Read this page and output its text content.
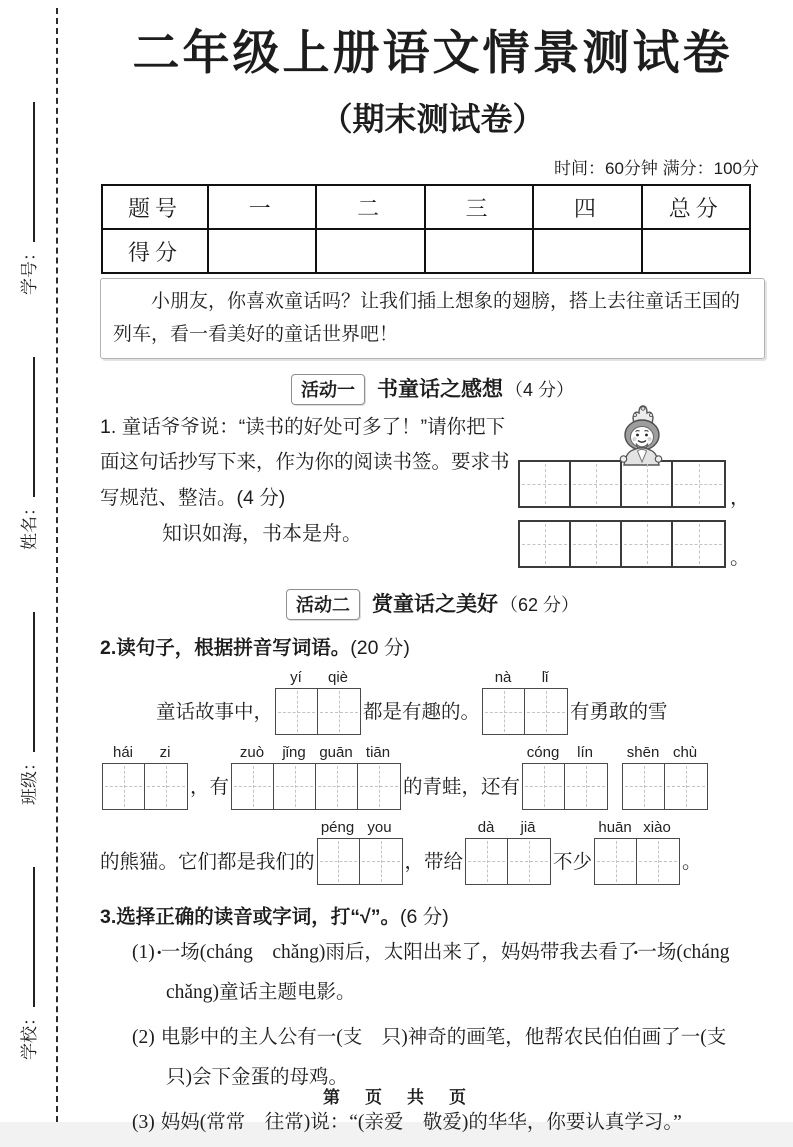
学校：
班级：
姓名：
学号：
二年级上册语文情景测试卷
（期末测试卷）
时间：60分钟 满分：100分
题号	一	二	三	四	总分
得分					

小朋友，你喜欢童话吗？让我们插上想象的翅膀，搭上去往童话王国的列车，看一看美好的童话世界吧！

活动一 书童话之感想 （4 分）

1. 童话爷爷说：“读书的好处可多了！”请你把下面这句话抄写下来，作为你的阅读书签。要求书写规范、整洁。(4 分)

知识如海，书本是舟。

，
。
活动二 赏童话之美好 （62 分）
2.读句子，根据拼音写词语。(20 分)
童话故事中，
yí	qiè
都是有趣的。
nà	lǐ
有勇敢的雪
hái	zi
，有
zuò	jǐng guān tiān
的青蛙，还有
cóng	lín	shēn chù
的熊猫。它们都是我们的
péng you
，带给
dà	jiā
不少
huān xiào
。
3.选择正确的读音或字词，打“√”。(6 分)
(1) 一场 ·(cháng　chǎng)雨后，太阳出来了，妈妈带我去看了一场 ·(cháng　chǎng)童话主题电影。
(2) 电影中的主人公有一(支　只)神奇的画笔，他帮农民伯伯画了一(支　只)会下金蛋的母鸡。
(3) 妈妈(常常　往常)说：“(亲爱　敬爱)的华华，你要认真学习。”
第　页　共　页
